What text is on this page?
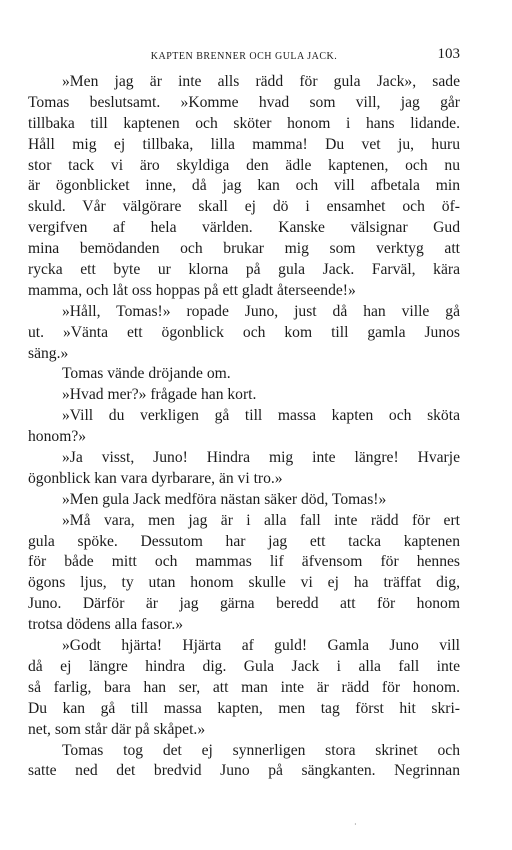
KAPTEN BRENNER OCH GULA JACK.	103
»Men jag är inte alls rädd för gula Jack», sade
Tomas beslutsamt. »Komme hvad som vill, jag går
tillbaka till kaptenen och sköter honom i hans lidande.
Håll mig ej tillbaka, lilla mamma! Du vet ju, huru
stor tack vi äro skyldiga den ädle kaptenen, och nu
är ögonblicket inne, då jag kan och vill afbetala min
skuld. Vår välgörare skall ej dö i ensamhet och öf-
vergifven af hela världen. Kanske välsignar Gud
mina bemödanden och brukar mig som verktyg att
rycka ett byte ur klorna på gula Jack. Farväl, kära
mamma, och låt oss hoppas på ett gladt återseende!»
»Håll, Tomas!» ropade Juno, just då han ville gå
ut. »Vänta ett ögonblick och kom till gamla Junos
säng.»
Tomas vände dröjande om.
»Hvad mer?» frågade han kort.
»Vill du verkligen gå till massa kapten och sköta
honom?»
»Ja visst, Juno! Hindra mig inte längre! Hvarje
ögonblick kan vara dyrbarare, än vi tro.»
»Men gula Jack medföra nästan säker död, Tomas!»
»Må vara, men jag är i alla fall inte rädd för ert
gula spöke. Dessutom har jag ett tacka kaptenen
för både mitt och mammas lif äfvensom för hennes
ögons ljus, ty utan honom skulle vi ej ha träffat dig,
Juno. Därför är jag gärna beredd att för honom
trotsa dödens alla fasor.»
»Godt hjärta! Hjärta af guld! Gamla Juno vill
då ej längre hindra dig. Gula Jack i alla fall inte
så farlig, bara han ser, att man inte är rädd för honom.
Du kan gå till massa kapten, men tag först hit skri-
net, som står där på skåpet.»
Tomas tog det ej synnerligen stora skrinet och
satte ned det bredvid Juno på sängkanten. Negrinnan
·
